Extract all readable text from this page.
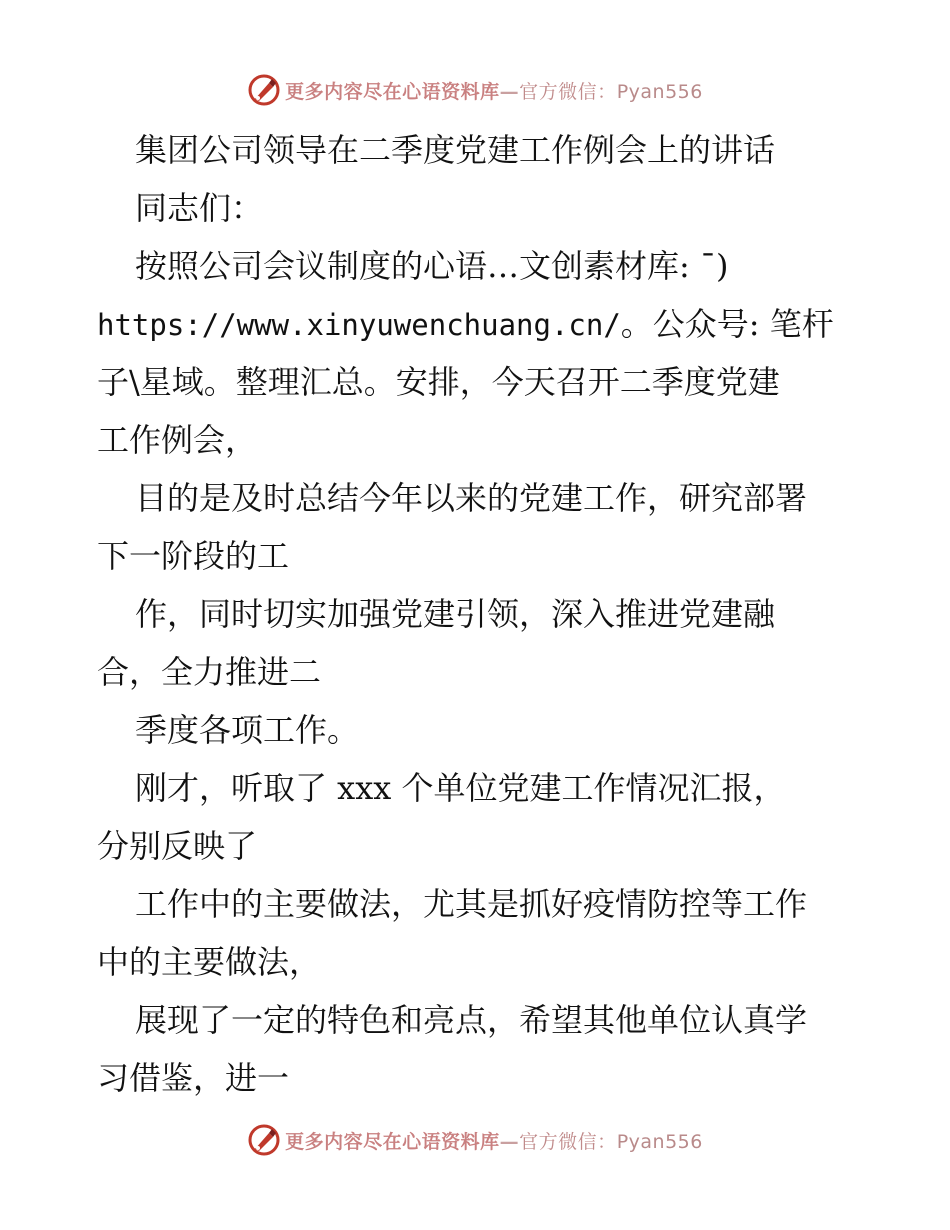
更多内容尽在心语资料库—官方微信：Pyan556
集团公司领导在二季度党建工作例会上的讲话
同志们：
按照公司会议制度的心语…文创素材库: ¯)
https://www.xinyuwenchuang.cn/。公众号: 笔杆
子\星域。整理汇总。安排，今天召开二季度党建
工作例会，
目的是及时总结今年以来的党建工作，研究部署
下一阶段的工
作，同时切实加强党建引领，深入推进党建融
合，全力推进二
季度各项工作。
刚才，听取了 xxx 个单位党建工作情况汇报，
分别反映了
工作中的主要做法，尤其是抓好疫情防控等工作
中的主要做法，
展现了一定的特色和亮点，希望其他单位认真学
习借鉴，进一
更多内容尽在心语资料库—官方微信：Pyan556
